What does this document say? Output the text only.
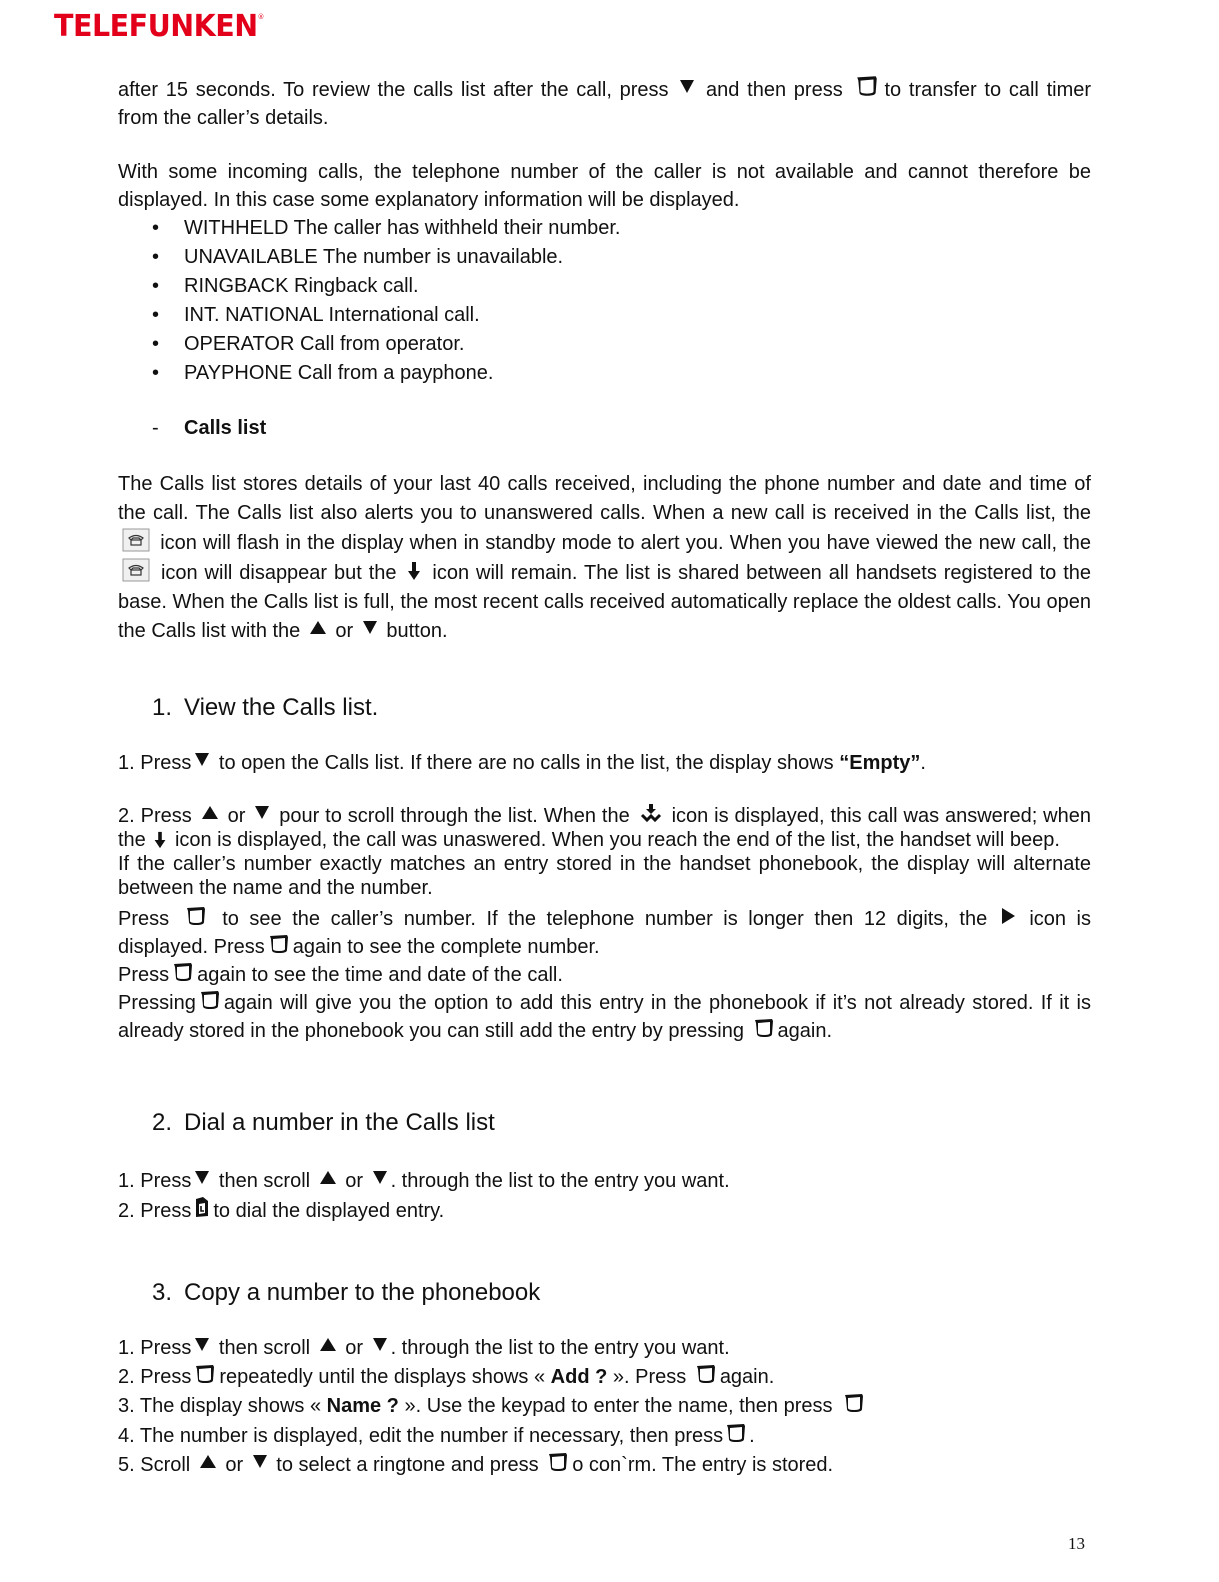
TELEFUNKEN®

after 15 seconds. To review the calls list after the call, press and then press to transfer to call timer from the caller’s details.

With some incoming calls, the telephone number of the caller is not available and cannot therefore be displayed. In this case some explanatory information will be displayed.

• WITHHELD The caller has withheld their number.
• UNAVAILABLE The number is unavailable.
• RINGBACK Ringback call.
• INT. NATIONAL International call.
• OPERATOR Call from operator.
• PAYPHONE Call from a payphone.

- Calls list

The Calls list stores details of your last 40 calls received, including the phone number and date and time of the call. The Calls list also alerts you to unanswered calls. When a new call is received in the Calls list, the  icon will flash in the display when in standby mode to alert you. When you have viewed the new call, the  icon will disappear but the icon will remain. The list is shared between all handsets registered to the base. When the Calls list is full, the most recent calls received automatically replace the oldest calls. You open the Calls list with the or button.

1. View the Calls list.

1. Press to open the Calls list. If there are no calls in the list, the display shows “Empty”.

2. Press or pour to scroll through the list. When the icon is displayed, this call was answered; when the icon is displayed, the call was unaswered. When you reach the end of the list, the handset will beep.

If the caller’s number exactly matches an entry stored in the handset phonebook, the display will alternate between the name and the number.

Press	to see the caller’s number. If the telephone number is longer then 12 digits, the icon is displayed. Press again to see the complete number.

Press again to see the time and date of the call.

Pressing again will give you the option to add this entry in the phonebook if it’s not already stored. If it is already stored in the phonebook you can still add the entry by pressing again.

2. Dial a number in the Calls list

1. Press then scroll or . through the list to the entry you want.

2. Press to dial the displayed entry.

3. Copy a number to the phonebook

1. Press then scroll or . through the list to the entry you want.

2. Press repeatedly until the displays shows « Add ? ». Press again.

3. The display shows « Name ? ». Use the keypad to enter the name, then press

4. The number is displayed, edit the number if necessary, then press .

5. Scroll or to select a ringtone and press o con`rm. The entry is stored.

13
